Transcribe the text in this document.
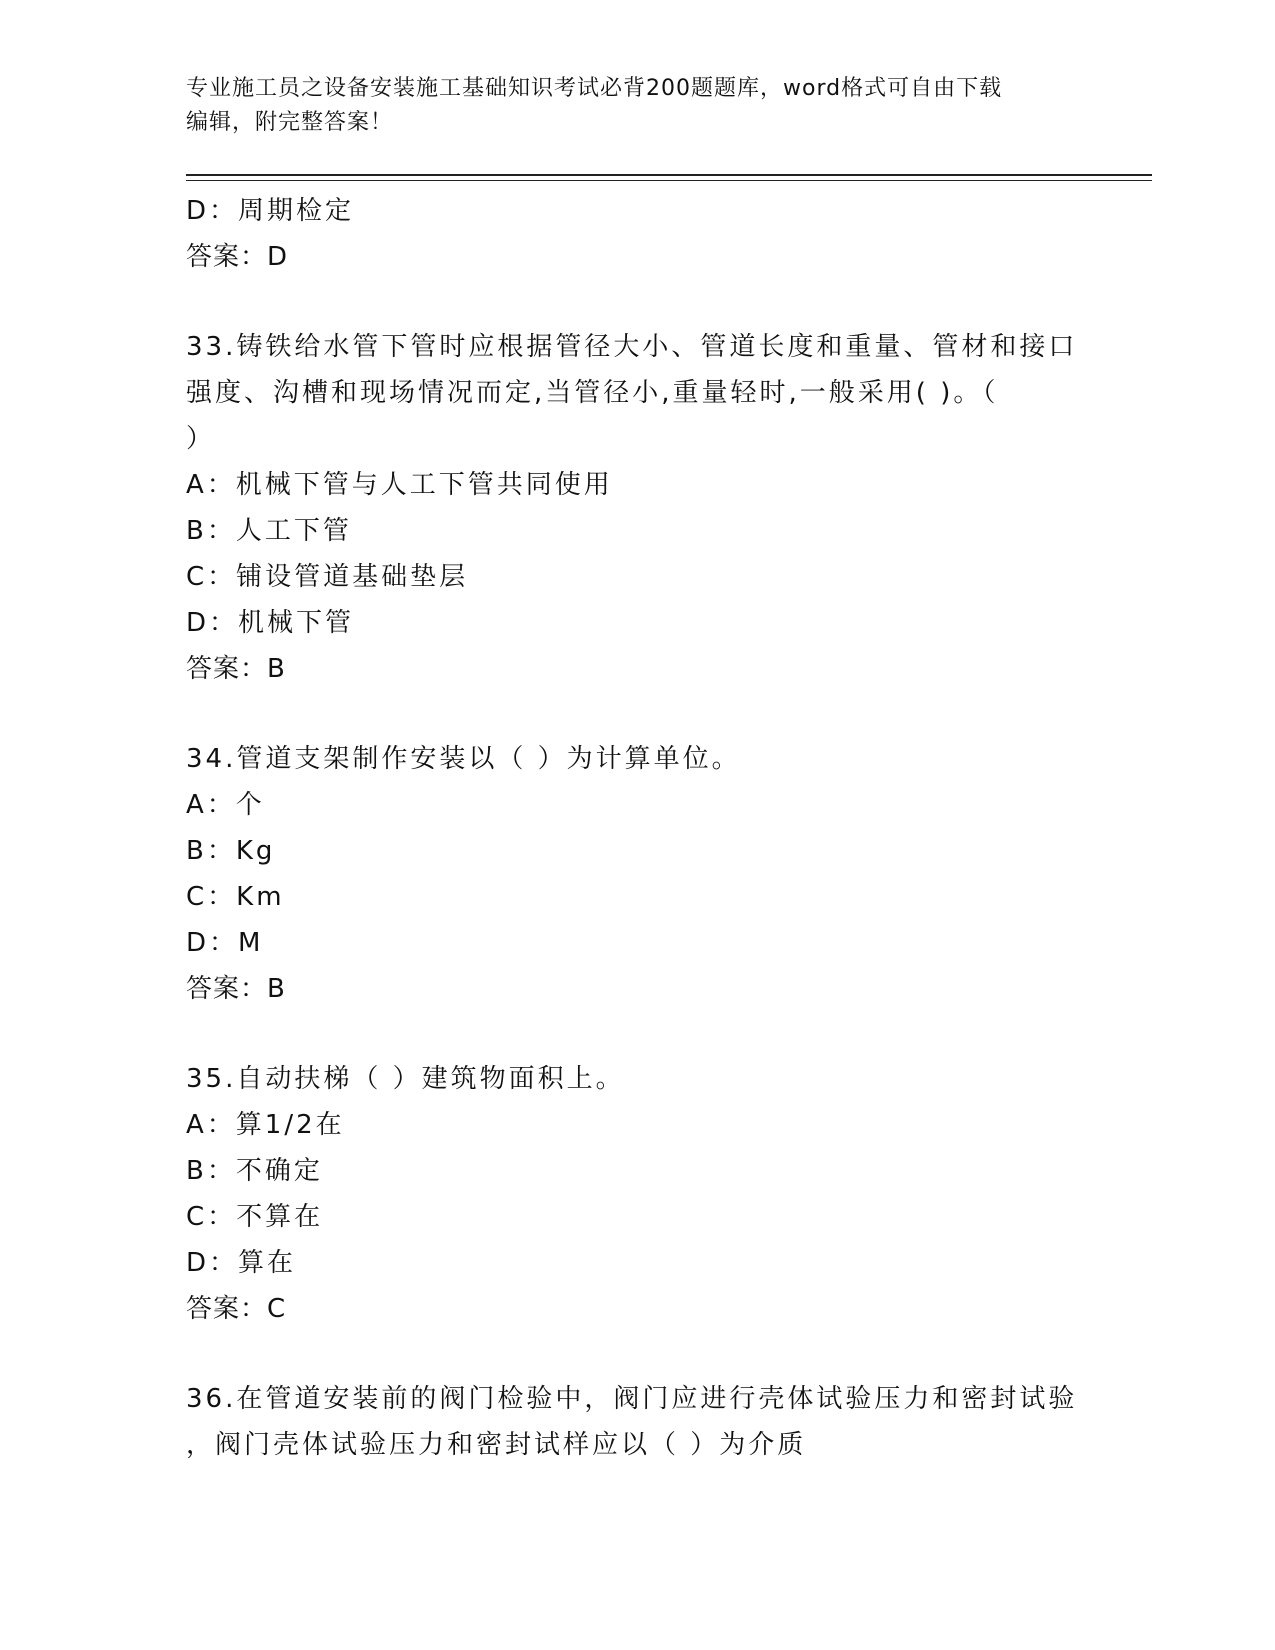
专业施工员之设备安装施工基础知识考试必背200题题库，word格式可自由下载
编辑，附完整答案！
D：周期检定
答案：D
33.铸铁给水管下管时应根据管径大小、管道长度和重量、管材和接口
强度、沟槽和现场情况而定,当管径小,重量轻时,一般采用( )。（
）
A：机械下管与人工下管共同使用
B：人工下管
C：铺设管道基础垫层
D：机械下管
答案：B
34.管道支架制作安装以（ ）为计算单位。
A：个
B：Kg
C：Km
D：M
答案：B
35.自动扶梯（ ）建筑物面积上。
A：算1/2在
B：不确定
C：不算在
D：算在
答案：C
36.在管道安装前的阀门检验中，阀门应进行壳体试验压力和密封试验
，阀门壳体试验压力和密封试样应以（ ）为介质
